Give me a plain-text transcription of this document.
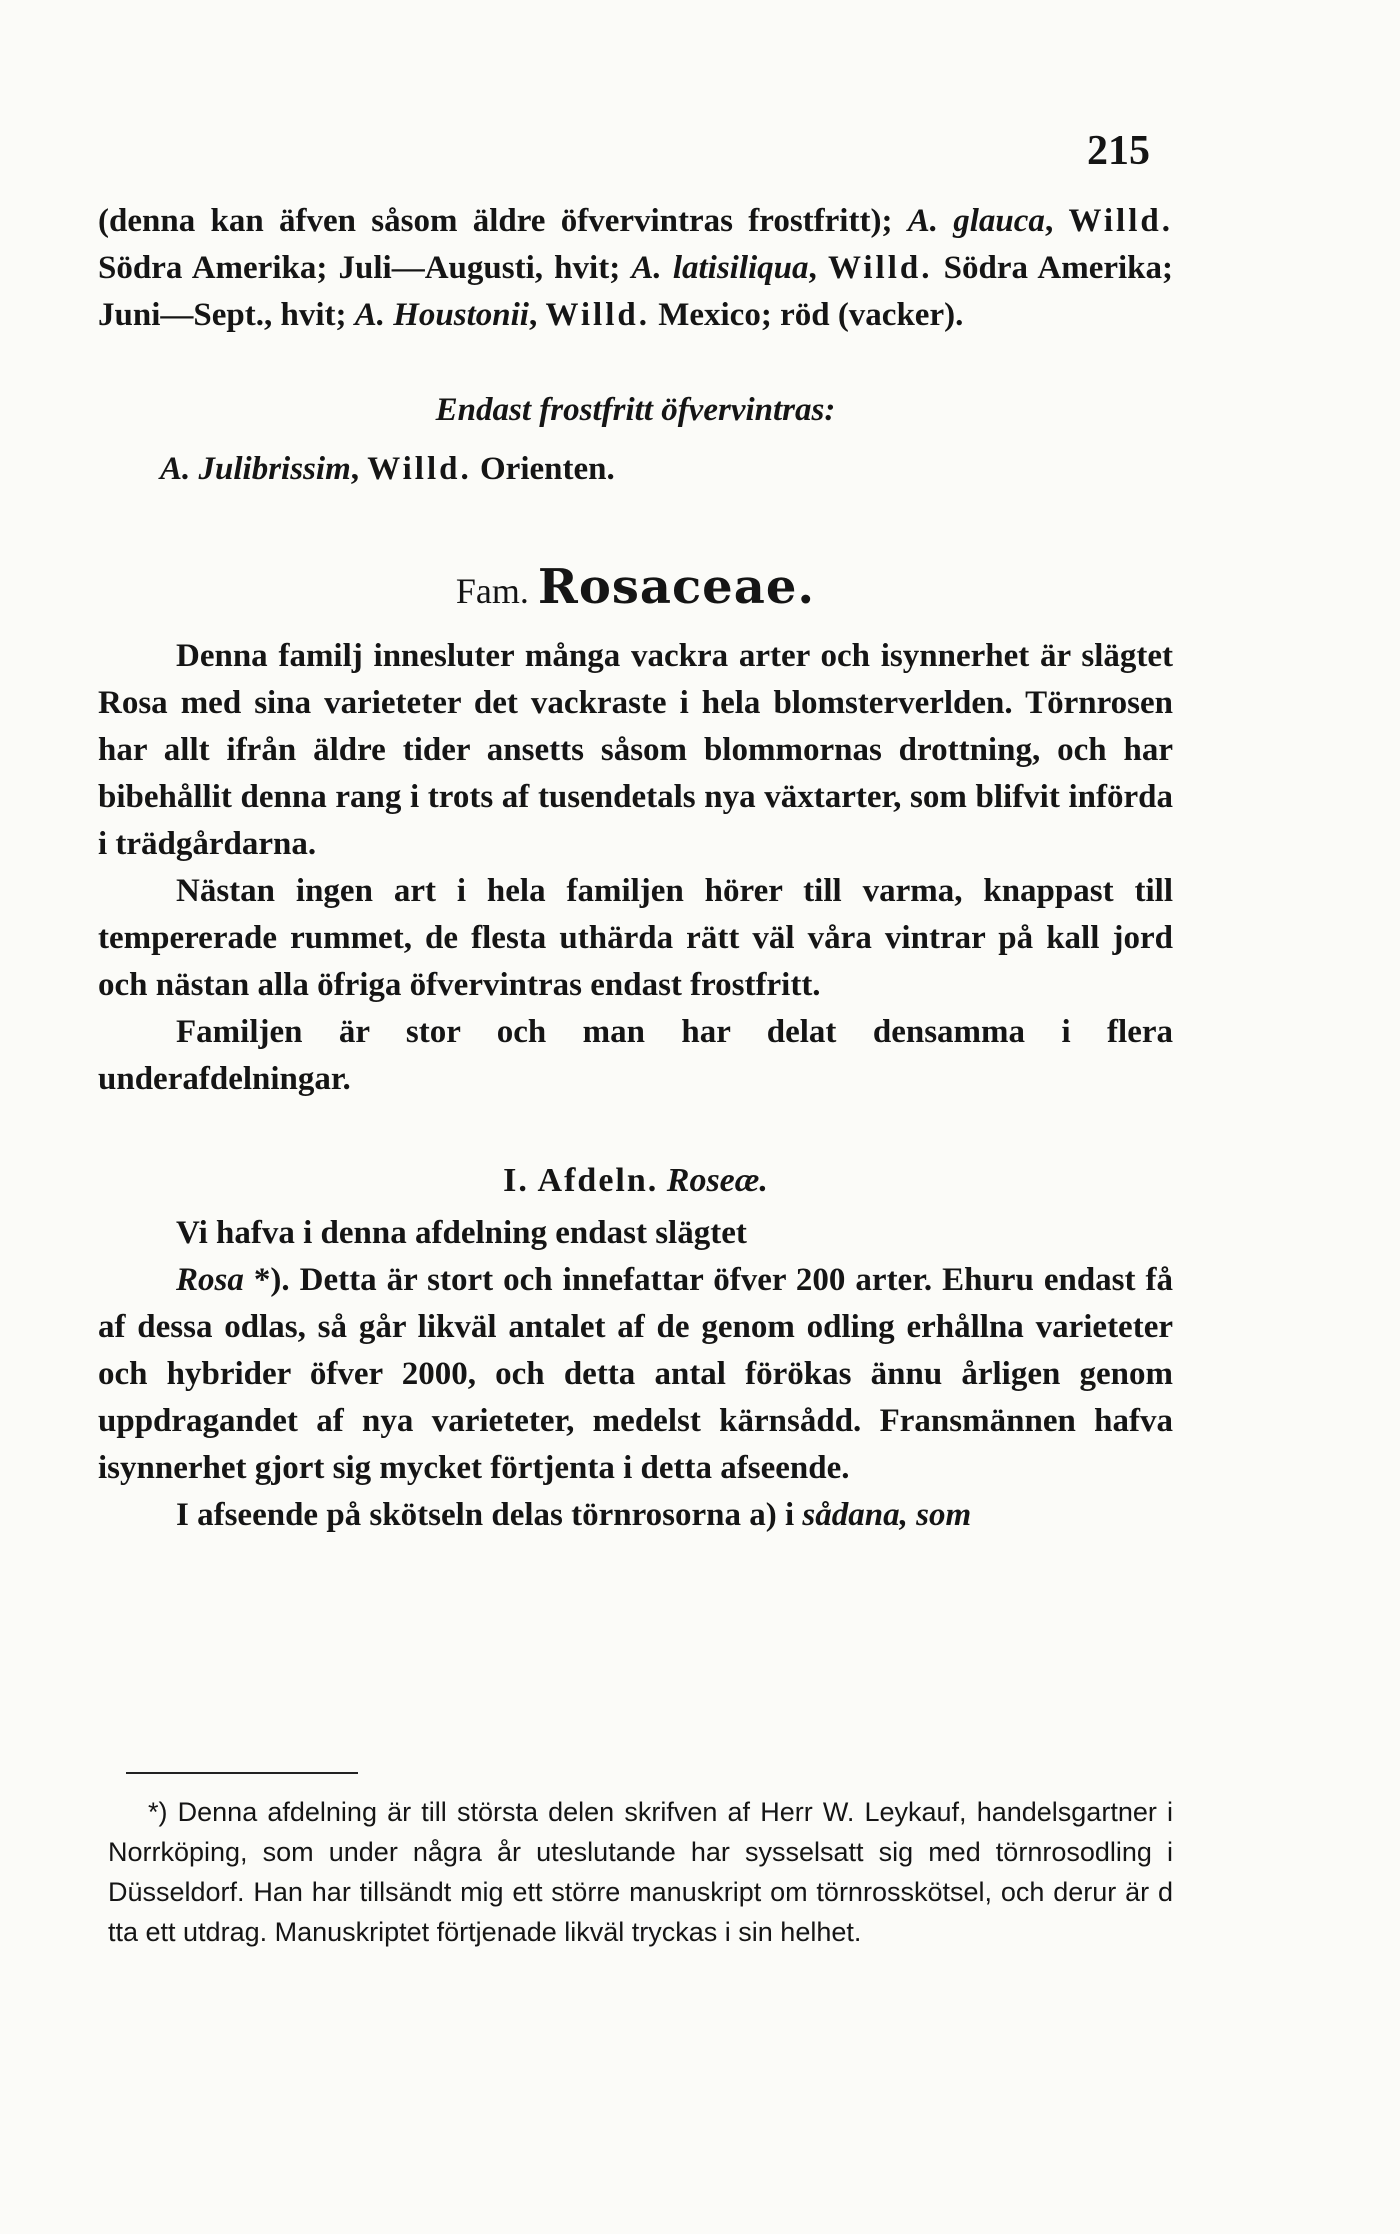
215

(denna kan äfven såsom äldre öfvervintras frostfritt); A. glauca, Willd. Södra Amerika; Juli—Augusti, hvit; A. latisiliqua, Willd. Södra Amerika; Juni—Sept., hvit; A. Houstonii, Willd. Mexico; röd (vacker).

Endast frostfritt öfvervintras:

A. Julibrissim, Willd. Orienten.

Fam. Rosaceae.

Denna familj innesluter många vackra arter och isynnerhet är slägtet Rosa med sina varieteter det vackraste i hela blomsterverlden. Törnrosen har allt ifrån äldre tider ansetts såsom blommornas drottning, och har bibehållit denna rang i trots af tusendetals nya växtarter, som blifvit införda i trädgårdarna.

Nästan ingen art i hela familjen hörer till varma, knappast till tempererade rummet, de flesta uthärda rätt väl våra vintrar på kall jord och nästan alla öfriga öfvervintras endast frostfritt.

Familjen är stor och man har delat densamma i flera underafdelningar.

I. Afdeln. Roseæ.

Vi hafva i denna afdelning endast slägtet

Rosa *). Detta är stort och innefattar öfver 200 arter. Ehuru endast få af dessa odlas, så går likväl antalet af de genom odling erhållna varieteter och hybrider öfver 2000, och detta antal förökas ännu årligen genom uppdragandet af nya varieteter, medelst kärnsådd. Fransmännen hafva isynnerhet gjort sig mycket förtjenta i detta afseende.

I afseende på skötseln delas törnrosorna a) i sådana, som

*) Denna afdelning är till största delen skrifven af Herr W. Leykauf, handelsgartner i Norrköping, som under några år uteslutande har sysselsatt sig med törnrosodling i Düsseldorf. Han har tillsändt mig ett större manuskript om törnrosskötsel, och derur är d tta ett utdrag. Manuskriptet förtjenade likväl tryckas i sin helhet.
